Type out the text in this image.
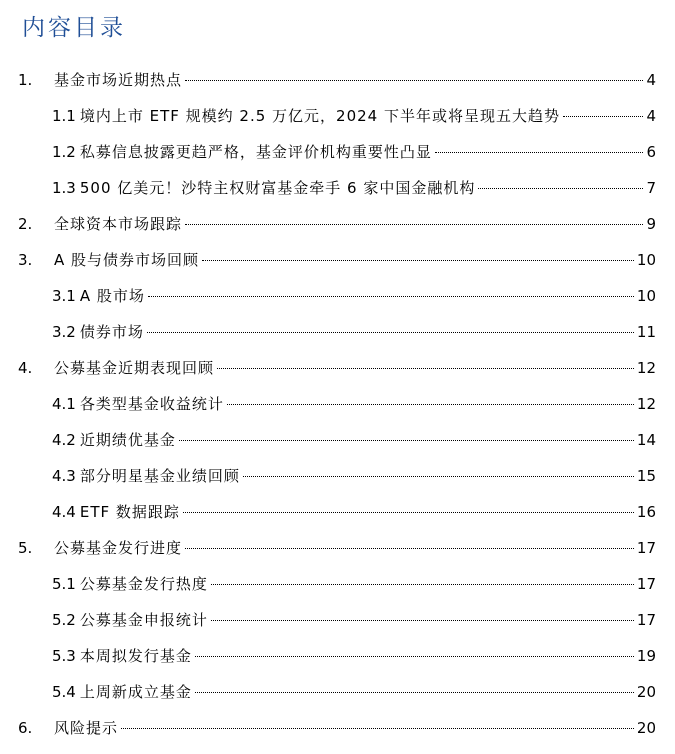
内容目录
1.	基金市场近期热点	4
1.1 境内上市 ETF 规模约 2.5 万亿元，2024 下半年或将呈现五大趋势	4
1.2 私募信息披露更趋严格，基金评价机构重要性凸显	6
1.3 500 亿美元！沙特主权财富基金牵手 6 家中国金融机构	7
2.	全球资本市场跟踪	9
3.	A 股与债券市场回顾	10
3.1 A 股市场	10
3.2 债券市场	11
4.	公募基金近期表现回顾	12
4.1 各类型基金收益统计	12
4.2 近期绩优基金	14
4.3 部分明星基金业绩回顾	15
4.4 ETF 数据跟踪	16
5.	公募基金发行进度	17
5.1 公募基金发行热度	17
5.2 公募基金申报统计	17
5.3 本周拟发行基金	19
5.4 上周新成立基金	20
6.	风险提示	20
